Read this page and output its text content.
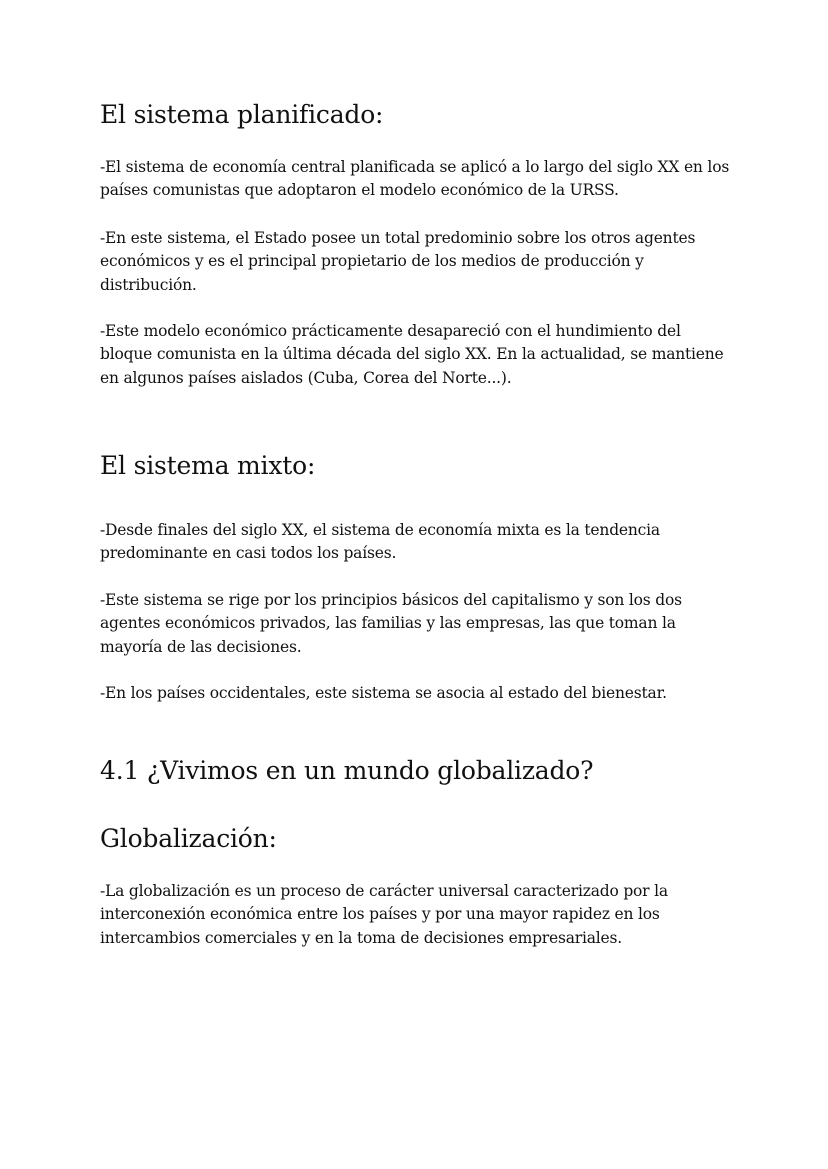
El sistema planificado:

-El sistema de economía central planificada se aplicó a lo largo del siglo XX en los
países comunistas que adoptaron el modelo económico de la URSS.

-En este sistema, el Estado posee un total predominio sobre los otros agentes
económicos y es el principal propietario de los medios de producción y
distribución.

-Este modelo económico prácticamente desapareció con el hundimiento del
bloque comunista en la última década del siglo XX. En la actualidad, se mantiene
en algunos países aislados (Cuba, Corea del Norte...).

El sistema mixto:

-Desde finales del siglo XX, el sistema de economía mixta es la tendencia
predominante en casi todos los países.

-Este sistema se rige por los principios básicos del capitalismo y son los dos
agentes económicos privados, las familias y las empresas, las que toman la
mayoría de las decisiones.

-En los países occidentales, este sistema se asocia al estado del bienestar.

4.1 ¿Vivimos en un mundo globalizado?
Globalización:

-La globalización es un proceso de carácter universal caracterizado por la
interconexión económica entre los países y por una mayor rapidez en los
intercambios comerciales y en la toma de decisiones empresariales.
